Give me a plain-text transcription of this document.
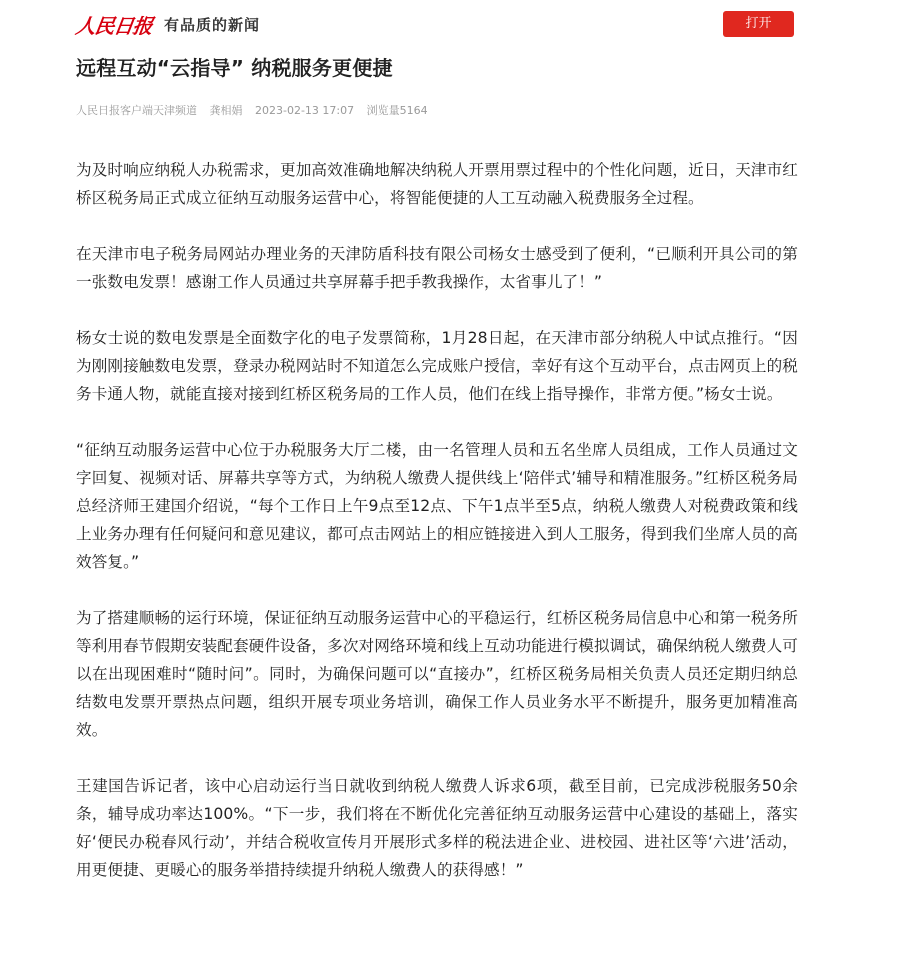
人民日报 有品质的新闻	打开
远程互动“云指导” 纳税服务更便捷
人民日报客户端天津频道 龚相娟 2023-02-13 17:07 浏览量5164

为及时响应纳税人办税需求，更加高效准确地解决纳税人开票用票过程中的个性化问题，近日，天津市红桥区税务局正式成立征纳互动服务运营中心，将智能便捷的人工互动融入税费服务全过程。

在天津市电子税务局网站办理业务的天津防盾科技有限公司杨女士感受到了便利，“已顺利开具公司的第一张数电发票！感谢工作人员通过共享屏幕手把手教我操作，太省事儿了！”

杨女士说的数电发票是全面数字化的电子发票简称，1月28日起，在天津市部分纳税人中试点推行。“因为刚刚接触数电发票，登录办税网站时不知道怎么完成账户授信，幸好有这个互动平台，点击网页上的税务卡通人物，就能直接对接到红桥区税务局的工作人员，他们在线上指导操作，非常方便。”杨女士说。

“征纳互动服务运营中心位于办税服务大厅二楼，由一名管理人员和五名坐席人员组成，工作人员通过文字回复、视频对话、屏幕共享等方式，为纳税人缴费人提供线上‘陪伴式’辅导和精准服务。”红桥区税务局总经济师王建国介绍说，“每个工作日上午9点至12点、下午1点半至5点，纳税人缴费人对税费政策和线上业务办理有任何疑问和意见建议，都可点击网站上的相应链接进入到人工服务，得到我们坐席人员的高效答复。”

为了搭建顺畅的运行环境，保证征纳互动服务运营中心的平稳运行，红桥区税务局信息中心和第一税务所等利用春节假期安装配套硬件设备，多次对网络环境和线上互动功能进行模拟调试，确保纳税人缴费人可以在出现困难时“随时问”。同时，为确保问题可以“直接办”，红桥区税务局相关负责人员还定期归纳总结数电发票开票热点问题，组织开展专项业务培训，确保工作人员业务水平不断提升，服务更加精准高效。

王建国告诉记者，该中心启动运行当日就收到纳税人缴费人诉求6项，截至目前，已完成涉税服务50余条，辅导成功率达100%。“下一步，我们将在不断优化完善征纳互动服务运营中心建设的基础上，落实好‘便民办税春风行动’，并结合税收宣传月开展形式多样的税法进企业、进校园、进社区等‘六进’活动，用更便捷、更暖心的服务举措持续提升纳税人缴费人的获得感！”
